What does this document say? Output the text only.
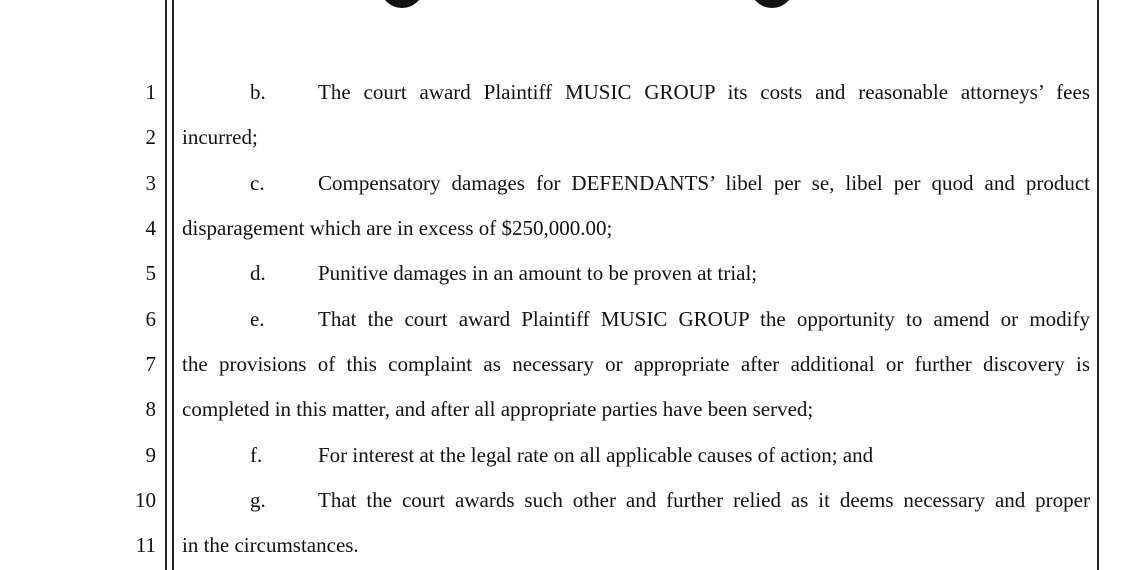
1
2
3
4
5
6
7
8
9
10
11
b. The court award Plaintiff MUSIC GROUP its costs and reasonable attorneys’ fees
incurred;
c.	Compensatory damages for DEFENDANTS’ libel per se, libel per quod and product
disparagement which are in excess of $250,000.00;
d. Punitive damages in an amount to be proven at trial;
e.	That the court award Plaintiff MUSIC GROUP the opportunity to amend or modify
the provisions of this complaint as necessary or appropriate after additional or further discovery is
completed in this matter, and after all appropriate parties have been served;
f.	For interest at the legal rate on all applicable causes of action; and
g. That the court awards such other and further relied as it deems necessary and proper
in the circumstances.
